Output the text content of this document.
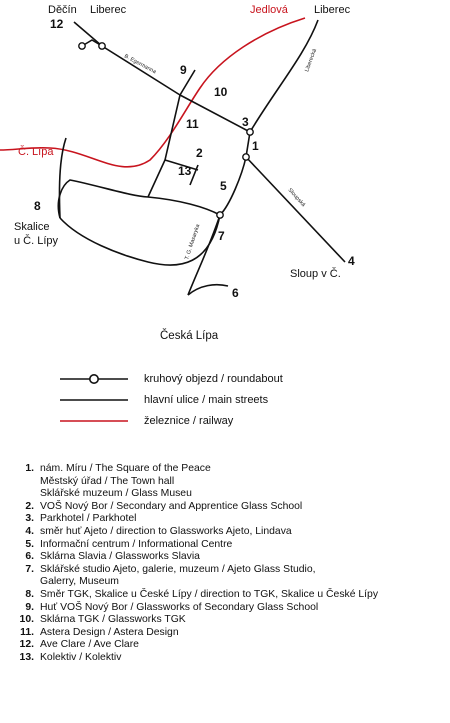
Děčín Liberec	Jedlová Liberec
Č. Lípa
Skalice
u Č. Lípy
Sloup v Č.
Česká Lípa
B. Egermanna	Liberecká
Sloupská
T. G. Masaryka
1
2
3
4
5
6
7
8
9
10
11
12
13
kruhový objezd / roundabout
hlavní ulice / main streets
železnice / railway
1. nám. Míru / The Square of the Peace
Městský úřad / The Town hall
Sklářské muzeum / Glass Museu
2. VOŠ Nový Bor / Secondary and Apprentice Glass School
3. Parkhotel / Parkhotel
4. směr huť Ajeto / direction to Glassworks Ajeto, Lindava
5. Informační centrum / Informational Centre
6. Sklárna Slavia / Glassworks Slavia
7. Sklářské studio Ajeto, galerie, muzeum / Ajeto Glass Studio,
Galerry, Museum
8. Směr TGK, Skalice u České Lípy / direction to TGK, Skalice u České Lípy
9. Huť VOŠ Nový Bor / Glassworks of Secondary Glass School
10. Sklárna TGK / Glassworks TGK
11. Astera Design / Astera Design
12. Ave Clare / Ave Clare
13. Kolektiv / Kolektiv
